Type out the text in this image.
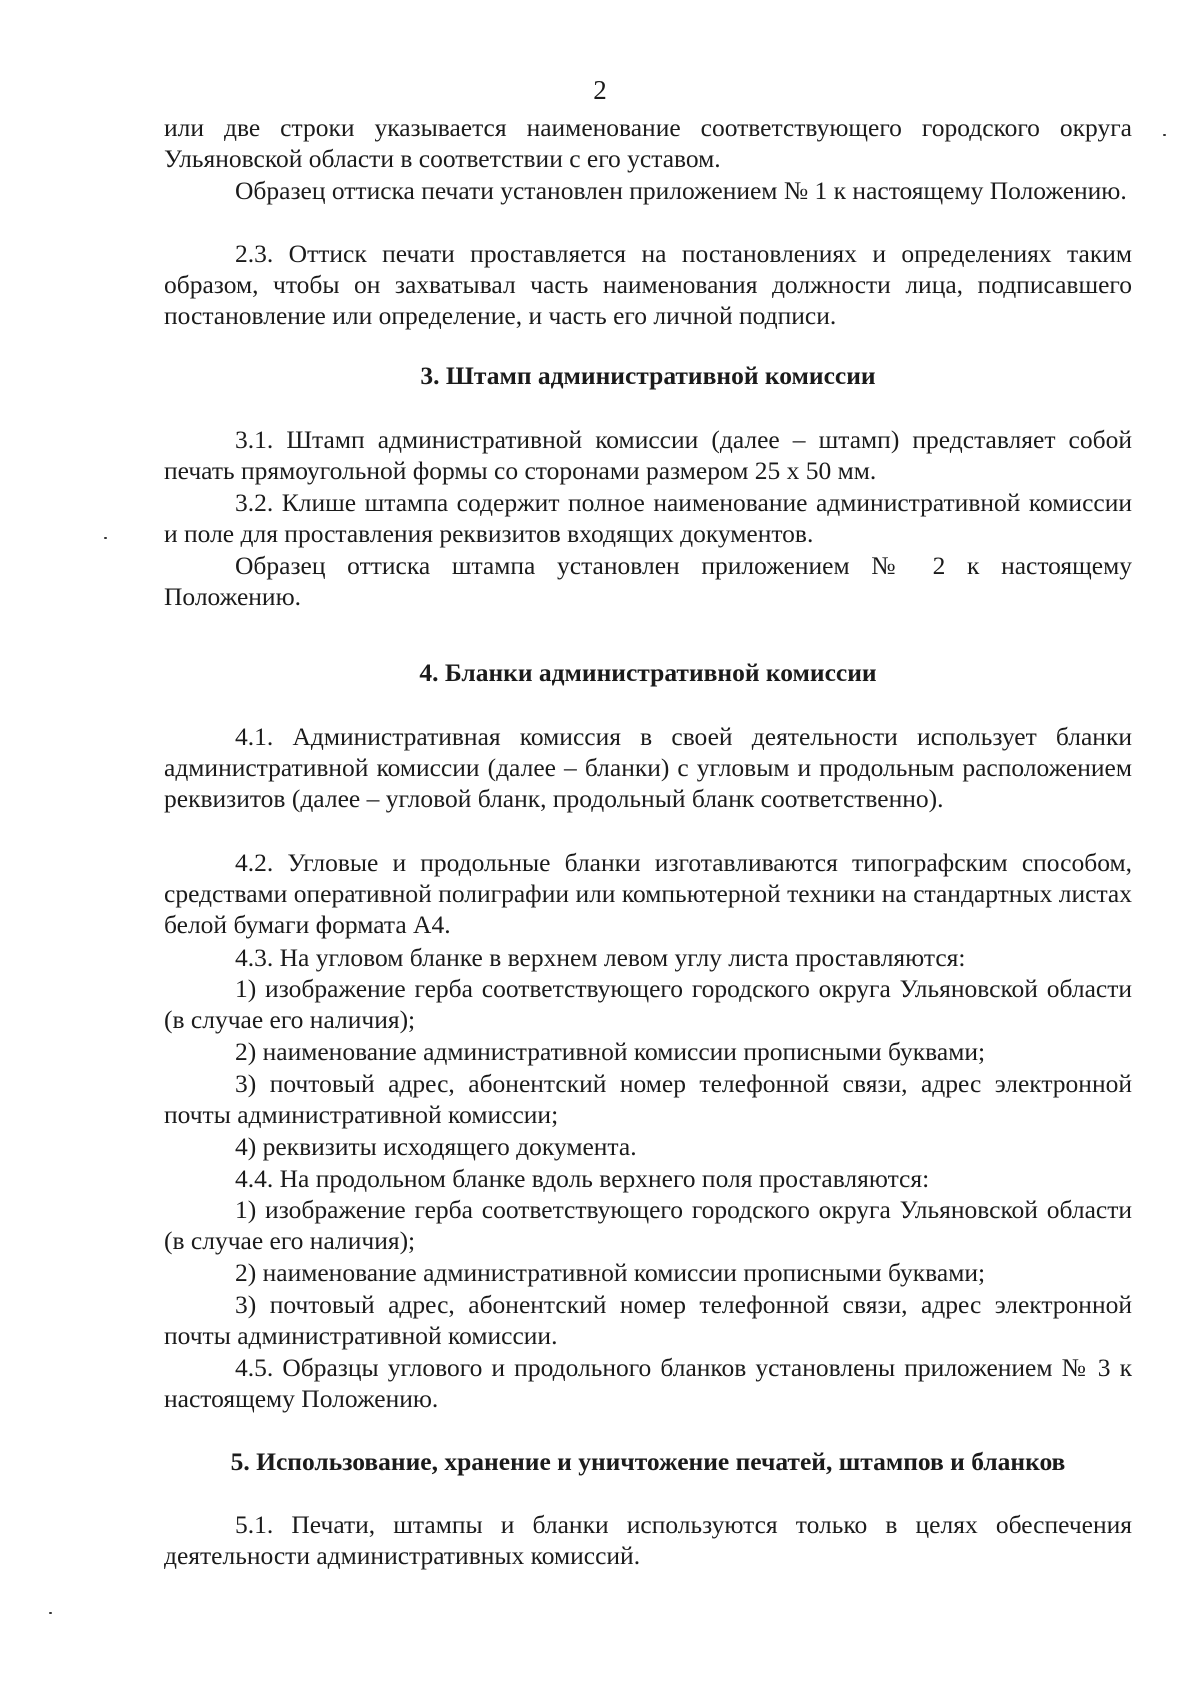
2

или две строки указывается наименование соответствующего городского округа Ульяновской области в соответствии с его уставом.

Образец оттиска печати установлен приложением № 1 к настоящему Положению.

2.3. Оттиск печати проставляется на постановлениях и определениях таким образом, чтобы он захватывал часть наименования должности лица, подписавшего постановление или определение, и часть его личной подписи.

3. Штамп административной комиссии

3.1. Штамп административной комиссии (далее – штамп) представляет собой печать прямоугольной формы со сторонами размером 25 х 50 мм.

3.2. Клише штампа содержит полное наименование административной комиссии и поле для проставления реквизитов входящих документов.

Образец оттиска штампа установлен приложением № 2 к настоящему Положению.

4. Бланки административной комиссии

4.1. Административная комиссия в своей деятельности использует бланки административной комиссии (далее – бланки) с угловым и продольным расположением реквизитов (далее – угловой бланк, продольный бланк соответственно).

4.2. Угловые и продольные бланки изготавливаются типографским способом, средствами оперативной полиграфии или компьютерной техники на стандартных листах белой бумаги формата А4.

4.3. На угловом бланке в верхнем левом углу листа проставляются:

1) изображение герба соответствующего городского округа Ульяновской области (в случае его наличия);

2) наименование административной комиссии прописными буквами;

3) почтовый адрес, абонентский номер телефонной связи, адрес электронной почты административной комиссии;

4) реквизиты исходящего документа.

4.4. На продольном бланке вдоль верхнего поля проставляются:

1) изображение герба соответствующего городского округа Ульяновской области (в случае его наличия);

2) наименование административной комиссии прописными буквами;

3) почтовый адрес, абонентский номер телефонной связи, адрес электронной почты административной комиссии.

4.5. Образцы углового и продольного бланков установлены приложением № 3 к настоящему Положению.

5. Использование, хранение и уничтожение печатей, штампов и бланков

5.1. Печати, штампы и бланки используются только в целях обеспечения деятельности административных комиссий.
